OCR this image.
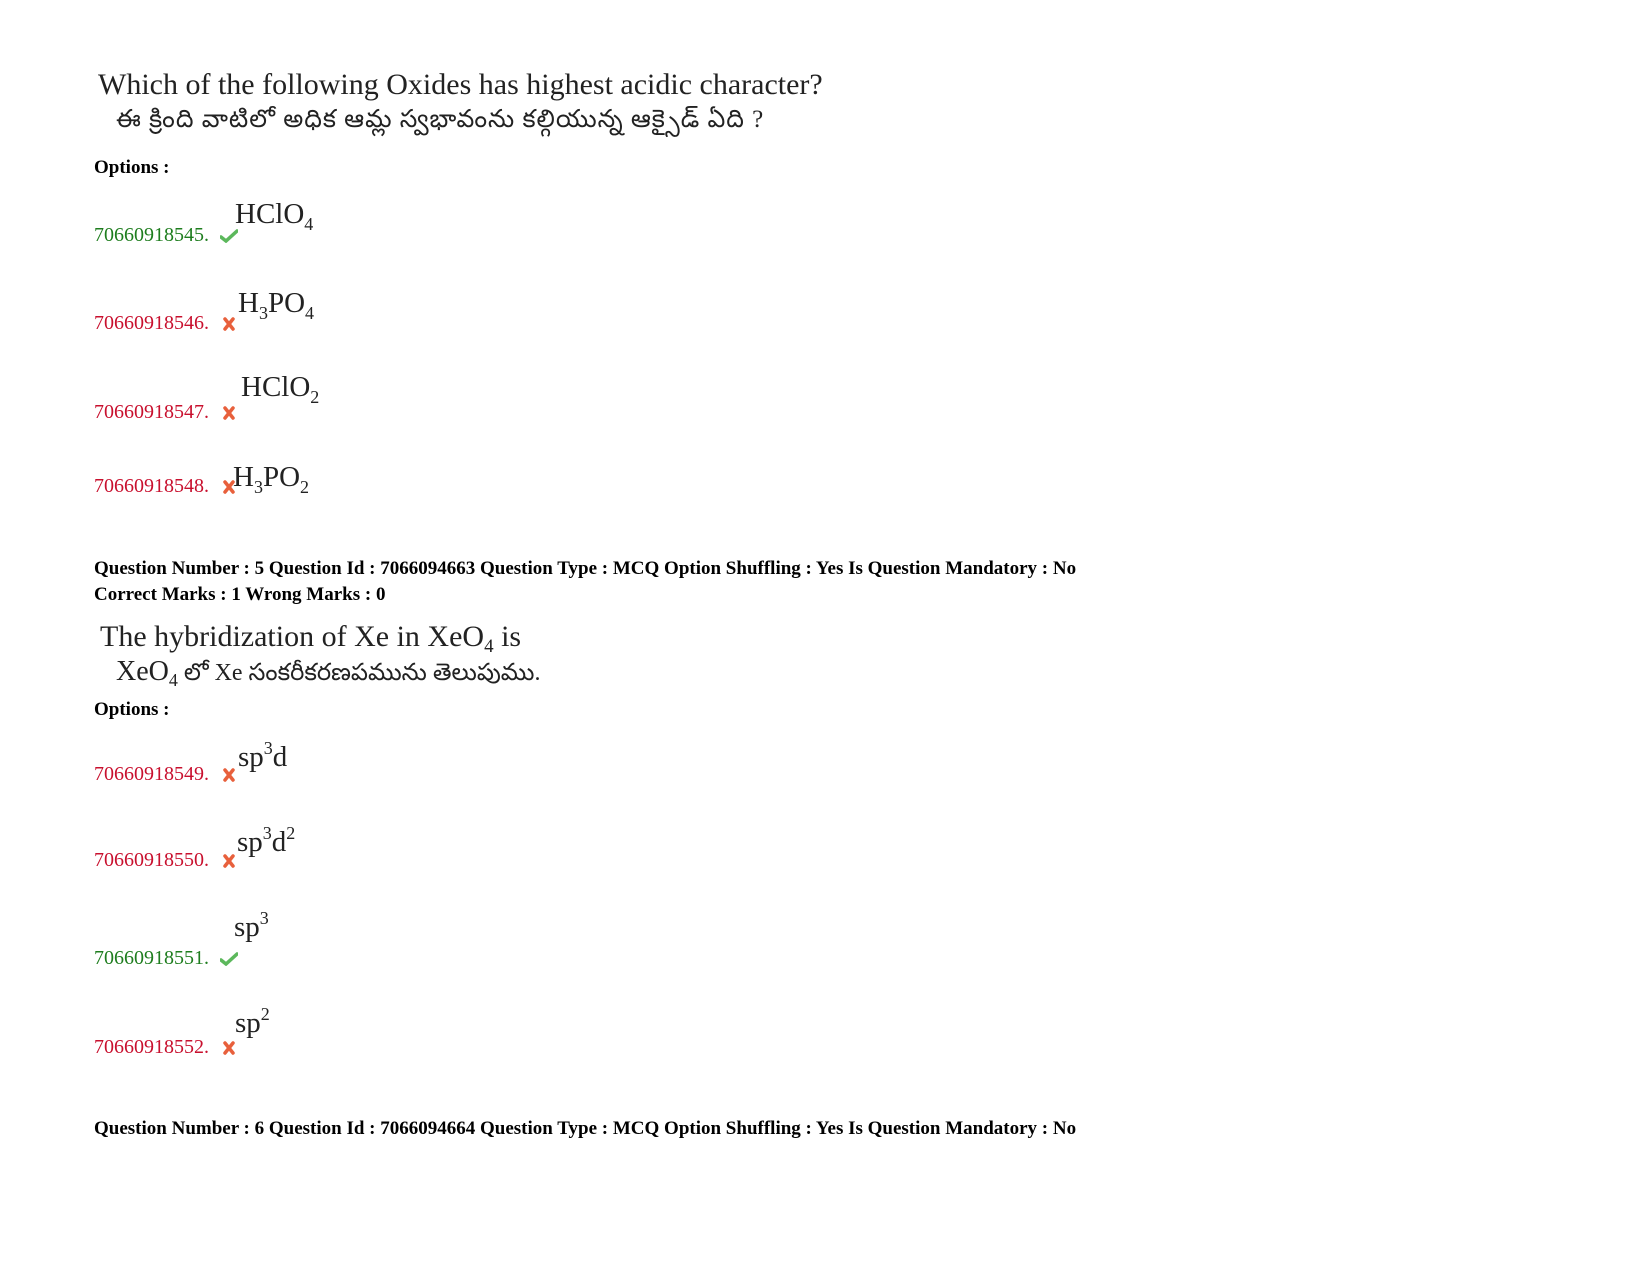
Which of the following Oxides has highest acidic character?
ఈ క్రింది వాటిలో అధిక ఆమ్ల స్వభావంను కల్గియున్న ఆక్సైడ్ ఏది ?
Options :
70660918545.
HClO$_4$
70660918546.
$H_3PO_4$
70660918547.
HClO$_2$
70660918548. $H_3PO_2$
Question Number : 5 Question Id : 7066094663 Question Type : MCQ Option Shuffling : Yes Is Question Mandatory : No
Correct Marks : 1 Wrong Marks : 0
The hybridization of Xe in XeO$_4$ is
XeO$_4$ లో Xe సంకరీకరణపమును తెలుపుము.
Options :
70660918549.
$sp^3d$
70660918550.
$sp^3d^2$
70660918551.
$sp^3$
70660918552.
$sp^2$
Question Number : 6 Question Id : 7066094664 Question Type : MCQ Option Shuffling : Yes Is Question Mandatory : No
